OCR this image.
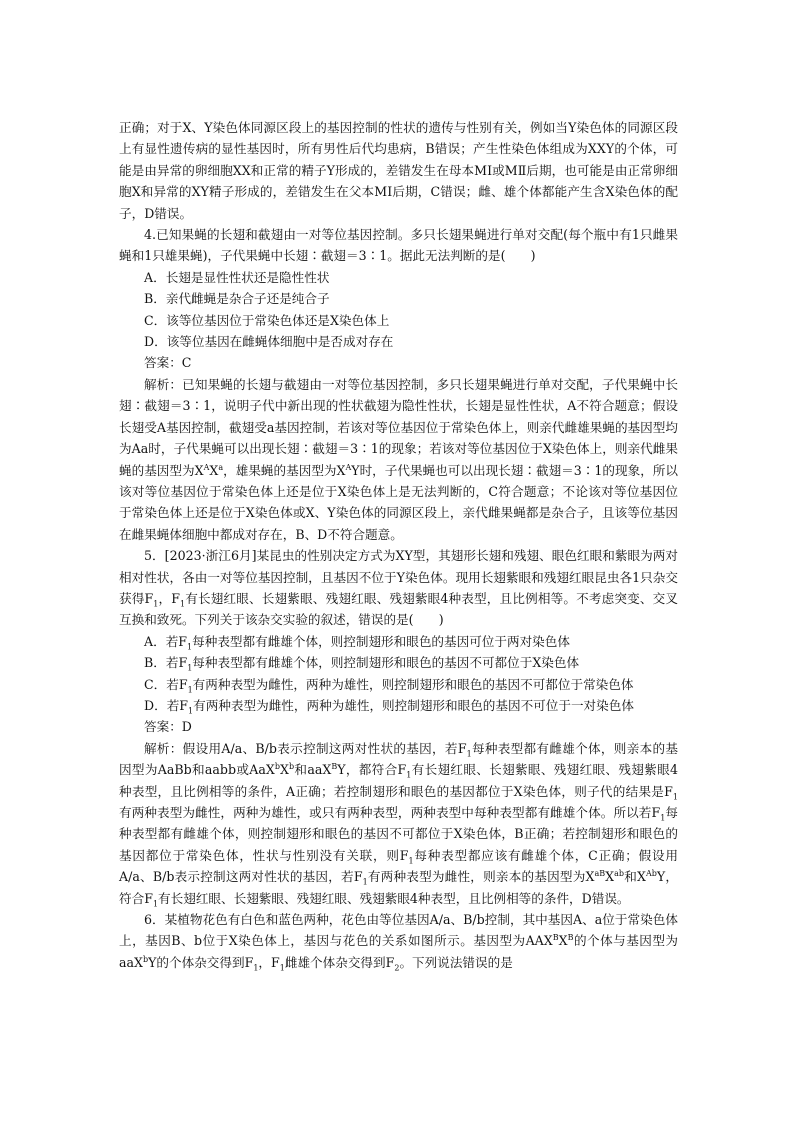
正确；对于X、Y染色体同源区段上的基因控制的性状的遗传与性别有关，例如当Y染色体的同源区段上有显性遗传病的显性基因时，所有男性后代均患病，B错误；产生性染色体组成为XXY的个体，可能是由异常的卵细胞XX和正常的精子Y形成的，差错发生在母本MⅠ或MⅡ后期，也可能是由正常卵细胞X和异常的XY精子形成的，差错发生在父本MⅠ后期，C错误；雌、雄个体都能产生含X染色体的配子，D错误。

4.已知果蝇的长翅和截翅由一对等位基因控制。多只长翅果蝇进行单对交配(每个瓶中有1只雌果蝇和1只雄果蝇)，子代果蝇中长翅∶截翅＝3∶1。据此无法判断的是(　　)

A．长翅是显性性状还是隐性性状

B．亲代雌蝇是杂合子还是纯合子

C．该等位基因位于常染色体还是X染色体上

D．该等位基因在雌蝇体细胞中是否成对存在

答案：C

解析：已知果蝇的长翅与截翅由一对等位基因控制，多只长翅果蝇进行单对交配，子代果蝇中长翅∶截翅＝3∶1，说明子代中新出现的性状截翅为隐性性状，长翅是显性性状，A不符合题意；假设长翅受A基因控制，截翅受a基因控制，若该对等位基因位于常染色体上，则亲代雌雄果蝇的基因型均为Aa时，子代果蝇可以出现长翅∶截翅＝3∶1的现象；若该对等位基因位于X染色体上，则亲代雌果蝇的基因型为$X^AX^a$，雄果蝇的基因型为$X^AY$时，子代果蝇也可以出现长翅∶截翅＝3∶1的现象，所以该对等位基因位于常染色体上还是位于X染色体上是无法判断的，C符合题意；不论该对等位基因位于常染色体上还是位于X染色体或X、Y染色体的同源区段上，亲代雌果蝇都是杂合子，且该等位基因在雌果蝇体细胞中都成对存在，B、D不符合题意。

5．[2023·浙江6月]某昆虫的性别决定方式为XY型，其翅形长翅和残翅、眼色红眼和紫眼为两对相对性状，各由一对等位基因控制，且基因不位于Y染色体。现用长翅紫眼和残翅红眼昆虫各1只杂交获得$F_1$，$F_1$有长翅红眼、长翅紫眼、残翅红眼、残翅紫眼4种表型，且比例相等。不考虑突变、交叉互换和致死。下列关于该杂交实验的叙述，错误的是(　　)

A．若$F_1$每种表型都有雌雄个体，则控制翅形和眼色的基因可位于两对染色体

B．若$F_1$每种表型都有雌雄个体，则控制翅形和眼色的基因不可都位于X染色体

C．若$F_1$有两种表型为雌性，两种为雄性，则控制翅形和眼色的基因不可都位于常染色体

D．若$F_1$有两种表型为雌性，两种为雄性，则控制翅形和眼色的基因不可位于一对染色体

答案：D

解析：假设用A/a、B/b表示控制这两对性状的基因，若$F_1$每种表型都有雌雄个体，则亲本的基因型为AaBb和aabb或$AaX^bX^b$和aaX$^B$Y，都符合$F_1$有长翅红眼、长翅紫眼、残翅红眼、残翅紫眼4种表型，且比例相等的条件，A正确；若控制翅形和眼色的基因都位于X染色体，则子代的结果是$F_1$有两种表型为雌性，两种为雄性，或只有两种表型，两种表型中每种表型都有雌雄个体。所以若$F_1$每种表型都有雌雄个体，则控制翅形和眼色的基因不可都位于X染色体，B正确；若控制翅形和眼色的基因都位于常染色体，性状与性别没有关联，则$F_1$每种表型都应该有雌雄个体，C正确；假设用A/a、B/b表示控制这两对性状的基因，若$F_1$有两种表型为雌性，则亲本的基因型为$X^{aB}X^{ab}$和$X^{Ab}Y$，符合$F_1$有长翅红眼、长翅紫眼、残翅红眼、残翅紫眼4种表型，且比例相等的条件，D错误。

6．某植物花色有白色和蓝色两种，花色由等位基因A/a、B/b控制，其中基因A、a位于常染色体上，基因B、b位于X染色体上，基因与花色的关系如图所示。基因型为$AAX^BX^B$的个体与基因型为aaX$^b$Y的个体杂交得到$F_1$，$F_1$雌雄个体杂交得到$F_2$。下列说法错误的是
